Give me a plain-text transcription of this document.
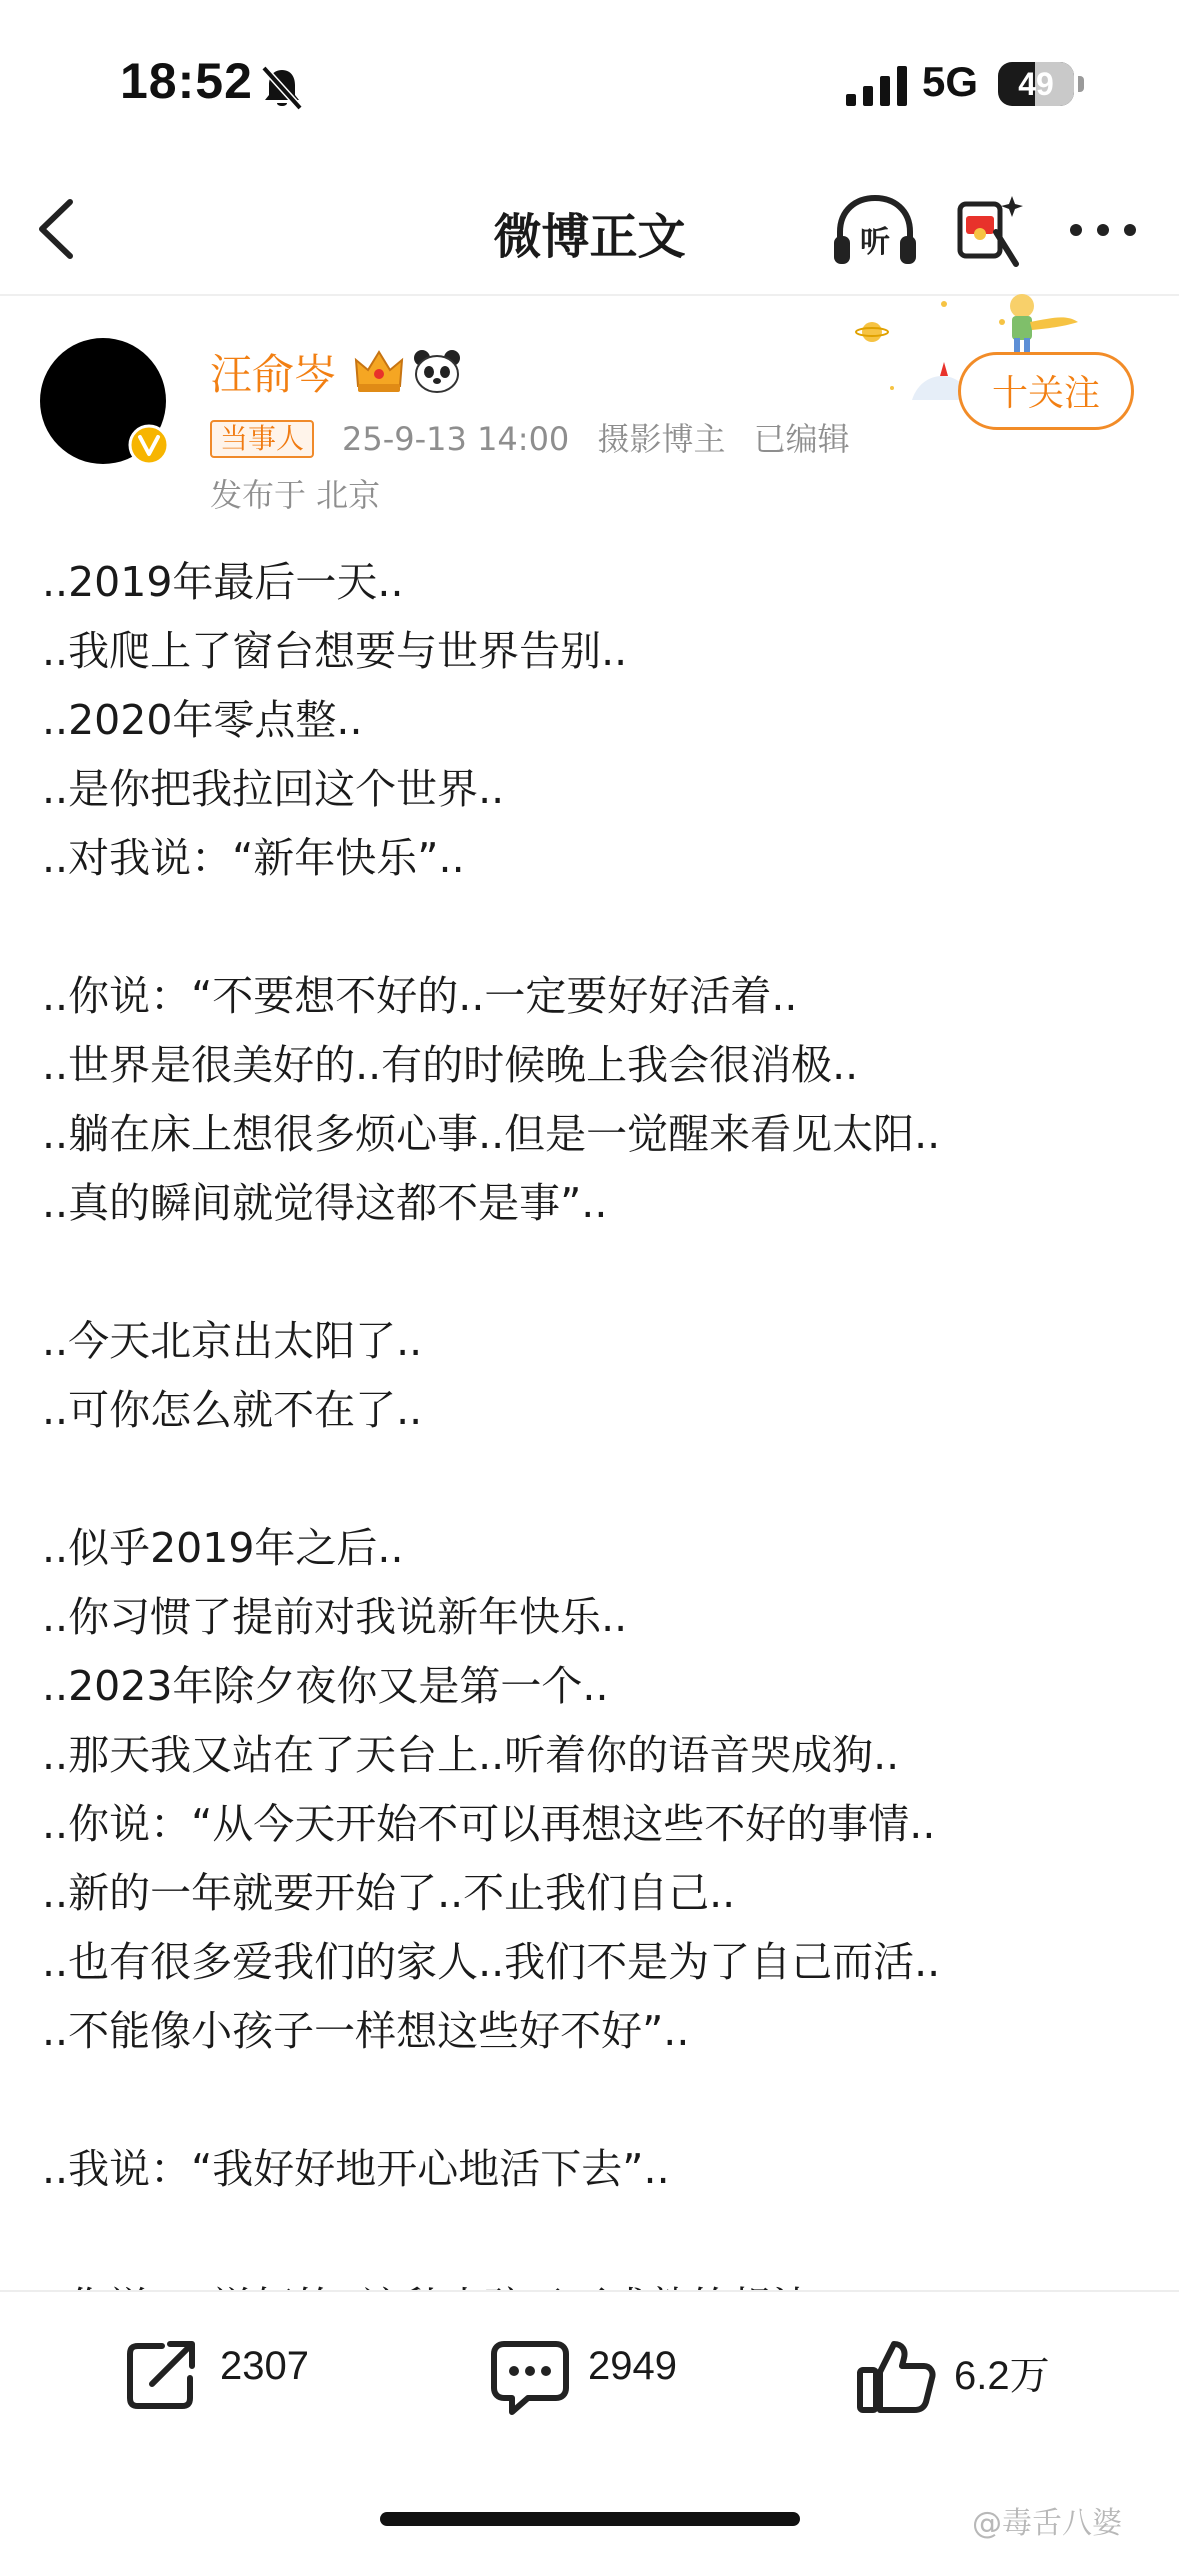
18:52	5G	49
微博正文	听
汪俞岑
当事人	25-9-13 14:00 摄影博主 已编辑
发布于 北京
十关注
..2019年最后一天..
..我爬上了窗台想要与世界告别..
..2020年零点整..
..是你把我拉回这个世界..
..对我说：“新年快乐”..
..你说：“不要想不好的..一定要好好活着..
..世界是很美好的..有的时候晚上我会很消极..
..躺在床上想很多烦心事..但是一觉醒来看见太阳..
..真的瞬间就觉得这都不是事”..
..今天北京出太阳了..
..可你怎么就不在了..
..似乎2019年之后..
..你习惯了提前对我说新年快乐..
..2023年除夕夜你又是第一个..
..那天我又站在了天台上..听着你的语音哭成狗..
..你说：“从今天开始不可以再想这些不好的事情..
..新的一年就要开始了..不止我们自己..
..也有很多爱我们的家人..我们不是为了自己而活..
..不能像小孩子一样想这些好不好”..
..我说：“我好好地开心地活下去”..
2307	2949	6.2万
@毒舌八婆
